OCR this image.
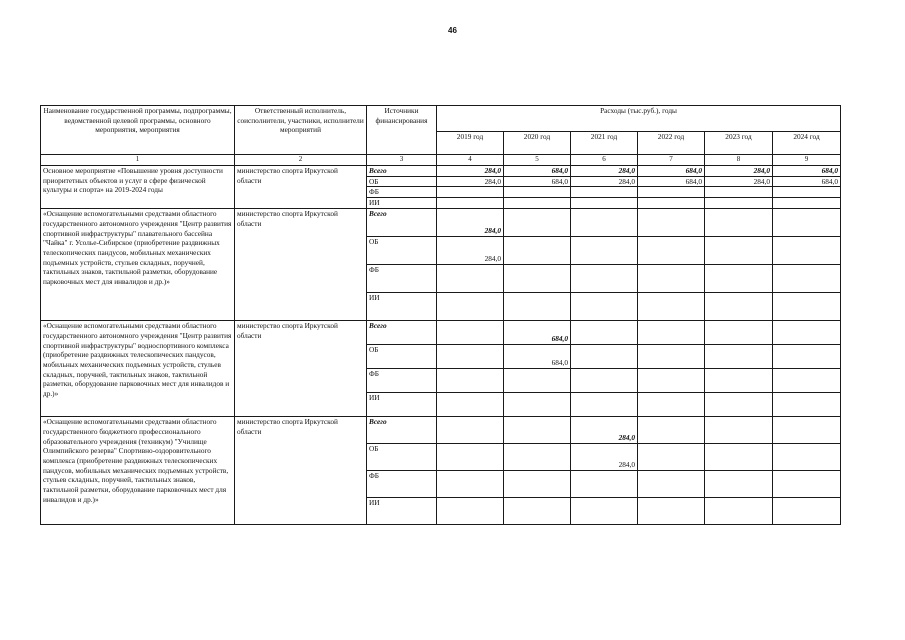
46
Наименование государственной программы, подпрограммы, ведомственной целевой программы, основного мероприятия, мероприятия	Ответственный исполнитель, соисполнители, участники, исполнители мероприятий	Источники финансирования	Расходы (тыс.руб.), годы					
			2019 год	2020 год	2021 год	2022 год	2023 год	2024 год
1	2	3	4	5	6	7	8	9
Основное мероприятие «Повышение уровня доступности приоритетных объектов и услуг в сфере физической культуры и спорта» на 2019-2024 годы	министерство спорта Иркутской области	Всего	284,0	684,0	284,0	684,0	284,0	684,0
		ОБ	284,0	684,0	284,0	684,0	284,0	684,0
		ФБ						
		ИИ						
«Оснащение вспомогательными средствами областного государственного автономного учреждения "Центр развития спортивной инфраструктуры" плавательного бассейна "Чайка" г. Усолье-Сибирское (приобретение раздвижных телескопических пандусов, мобильных механических подъемных устройств, стульев складных, поручней, тактильных знаков, тактильной разметки, оборудование парковочных мест для инвалидов и др.)»	министерство спорта Иркутской области	Всего	284,0					

		ОБ	284,0					

		ФБ						
		ИИ						
«Оснащение вспомогательными средствами областного государственного автономного учреждения "Центр развития спортивной инфраструктуры" водноспортивного комплекса (приобретение раздвижных телескопических пандусов, мобильных механических подъемных устройств, стульев складных, поручней, тактильных знаков, тактильной разметки, оборудование парковочных мест для инвалидов и др.)»	министерство спорта Иркутской области	Всего		684,0				

		ОБ		684,0				

		ФБ						
		ИИ						
«Оснащение вспомогательными средствами областного государственного бюджетного профессионального образовательного учреждения (техникум) "Училище Олимпийского резерва" Спортивно-оздоровительного комплекса (приобретение раздвижных телескопических пандусов, мобильных механических подъемных устройств, стульев складных, поручней, тактильных знаков, тактильной разметки, оборудование парковочных мест для инвалидов и др.)»	министерство спорта Иркутской области	Всего			284,0			

		ОБ			284,0			

		ФБ						
		ИИ						
